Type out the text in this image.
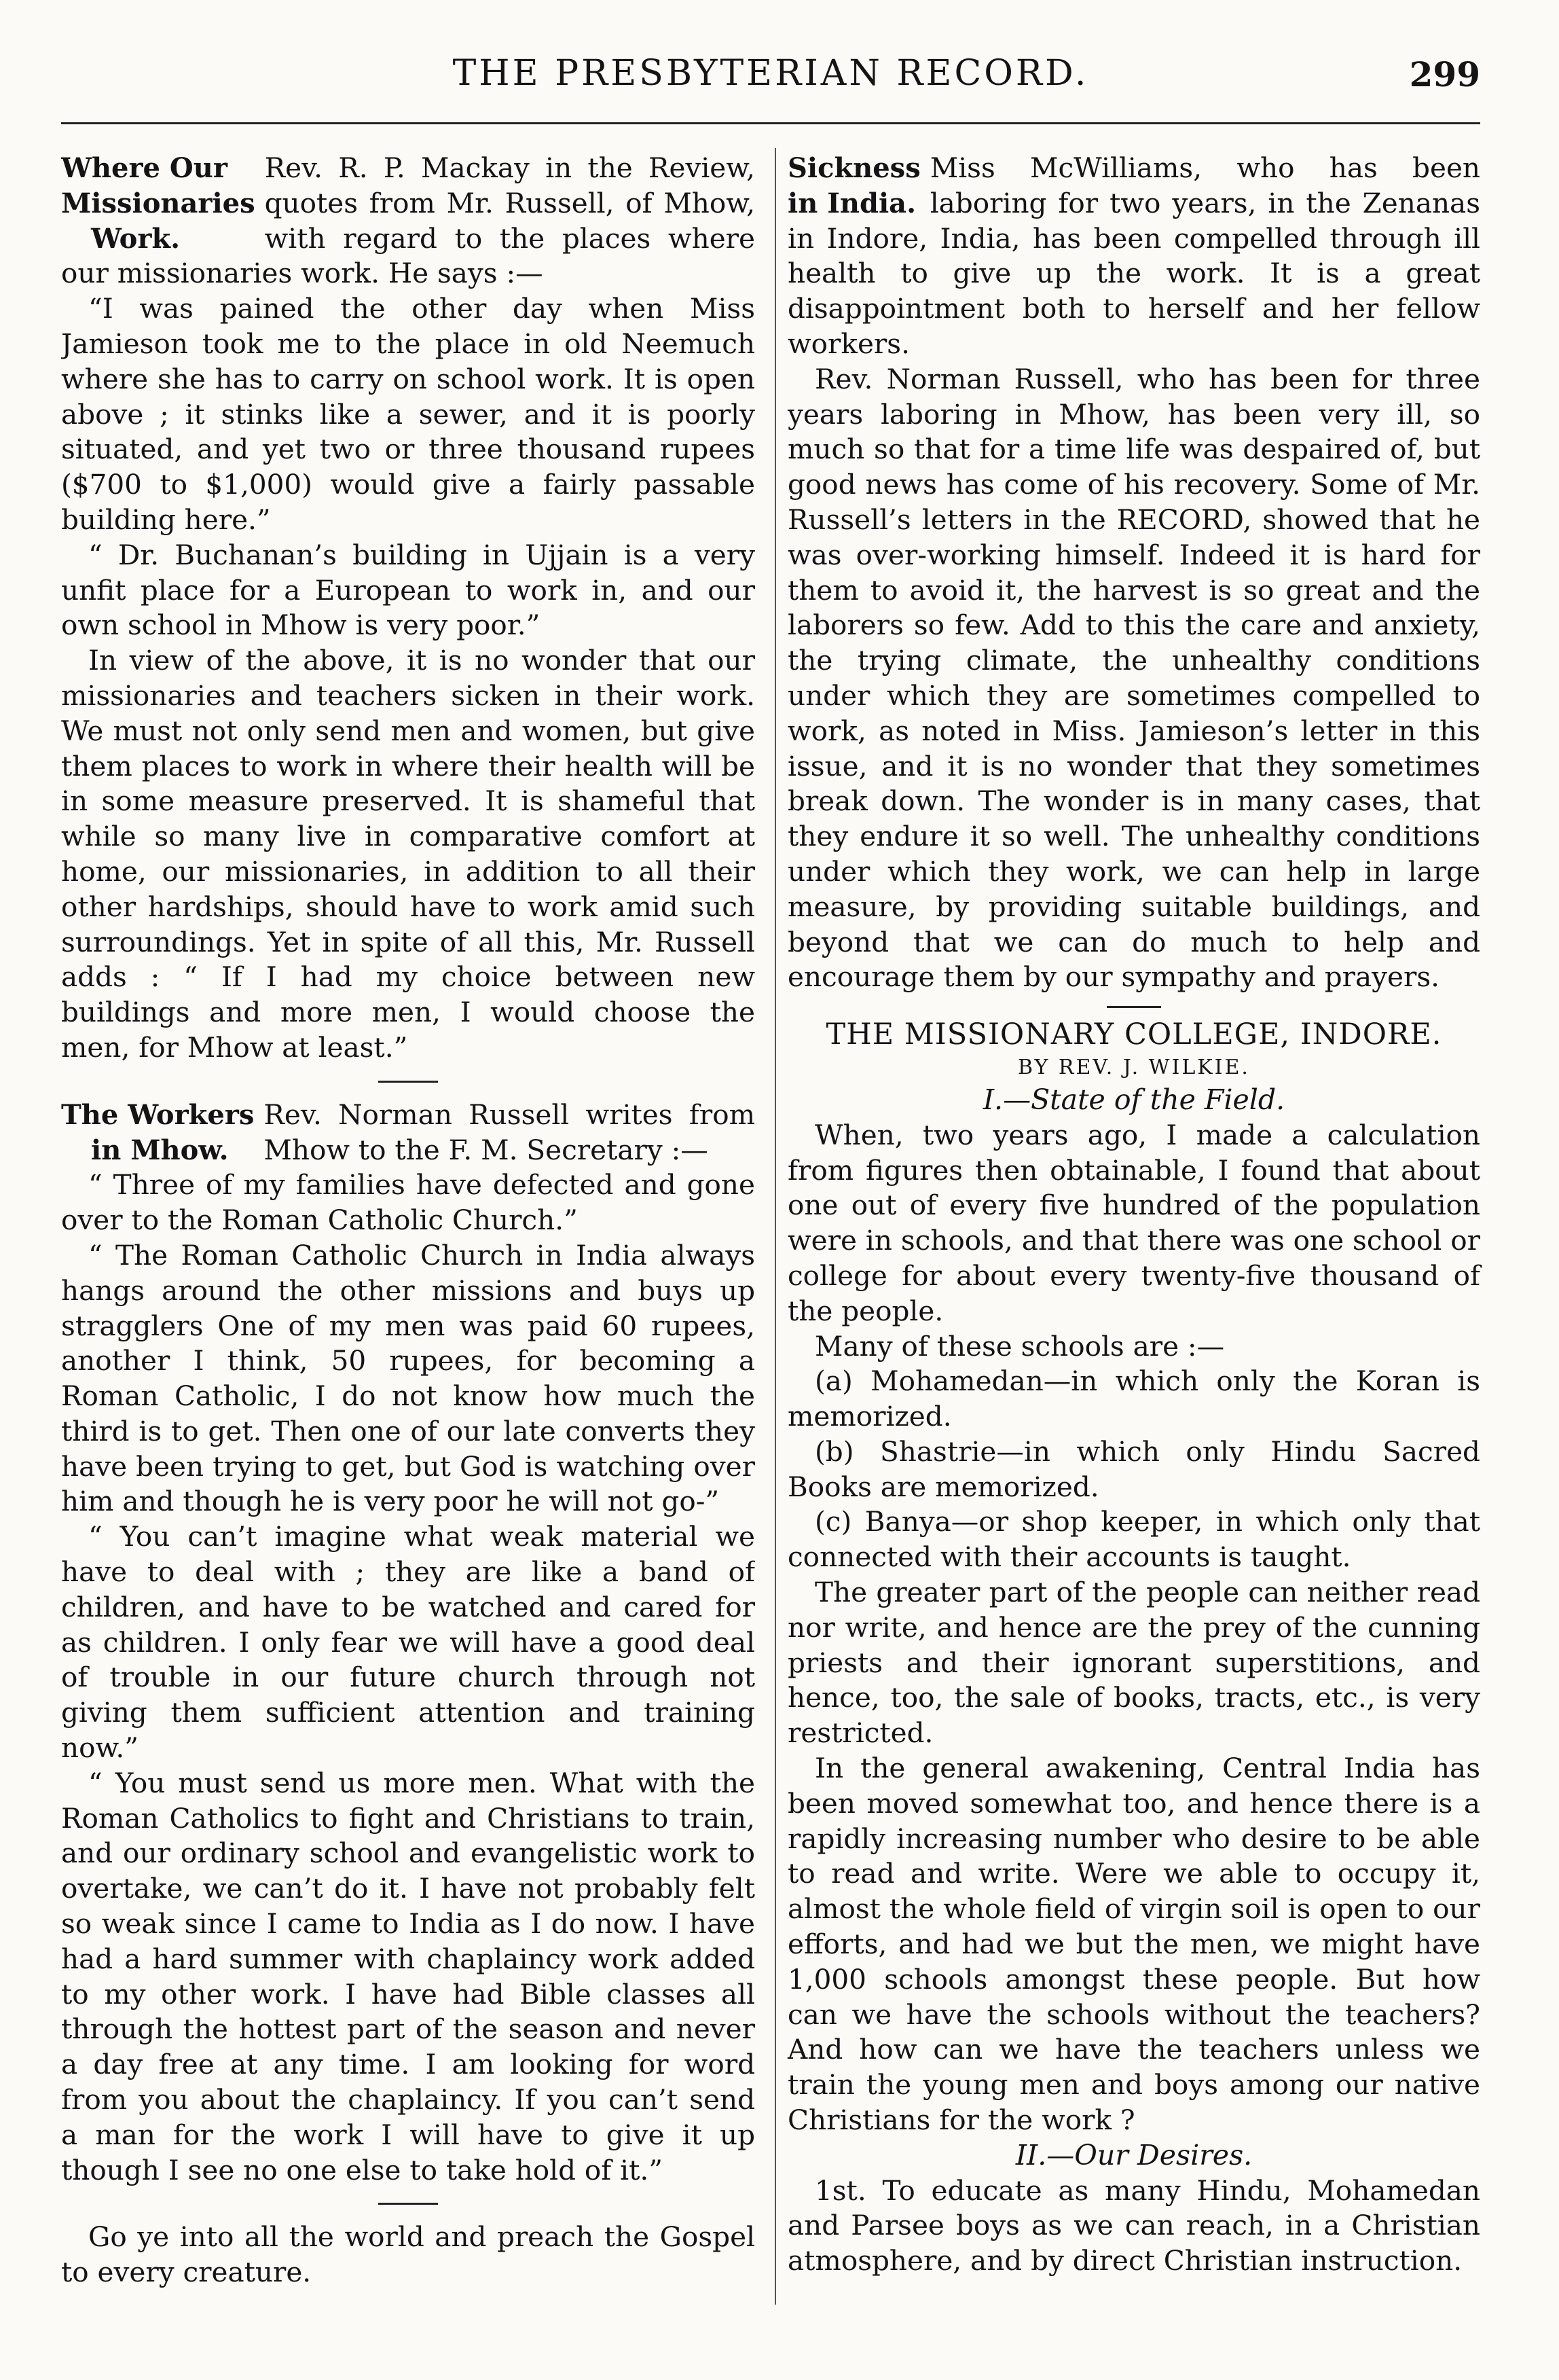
THE PRESBYTERIAN RECORD.	299
Where Our
Missionaries
Work.

Rev. R. P. Mackay in the Review, quotes from Mr. Russell, of Mhow, with regard to the places where our missionaries work. He says :—

“I was pained the other day when Miss Jamieson took me to the place in old Neemuch where she has to carry on school work. It is open above ; it stinks like a sewer, and it is poorly situated, and yet two or three thousand rupees ($700 to $1,000) would give a fairly passable building here.”

“ Dr. Buchanan’s building in Ujjain is a very unfit place for a European to work in, and our own school in Mhow is very poor.”

In view of the above, it is no wonder that our missionaries and teachers sicken in their work. We must not only send men and women, but give them places to work in where their health will be in some measure preserved. It is shameful that while so many live in comparative comfort at home, our missionaries, in addition to all their other hardships, should have to work amid such surroundings. Yet in spite of all this, Mr. Russell adds : “ If I had my choice between new buildings and more men, I would choose the men, for Mhow at least.”

The Workers
in Mhow.

Rev. Norman Russell writes from Mhow to the F. M. Secretary :—

“ Three of my families have defected and gone over to the Roman Catholic Church.”

“ The Roman Catholic Church in India always hangs around the other missions and buys up stragglers One of my men was paid 60 rupees, another I think, 50 rupees, for becoming a Roman Catholic, I do not know how much the third is to get. Then one of our late converts they have been trying to get, but God is watching over him and though he is very poor he will not go-”

“ You can’t imagine what weak material we have to deal with ; they are like a band of children, and have to be watched and cared for as children. I only fear we will have a good deal of trouble in our future church through not giving them sufficient attention and training now.”

“ You must send us more men. What with the Roman Catholics to fight and Christians to train, and our ordinary school and evangelistic work to overtake, we can’t do it. I have not probably felt so weak since I came to India as I do now. I have had a hard summer with chaplaincy work added to my other work. I have had Bible classes all through the hottest part of the season and never a day free at any time. I am looking for word from you about the chaplaincy. If you can’t send a man for the work I will have to give it up though I see no one else to take hold of it.”

Go ye into all the world and preach the Gospel to every creature.

Sickness
in India.

Miss McWilliams, who has been laboring for two years, in the Zenanas in Indore, India, has been compelled through ill health to give up the work. It is a great disappointment both to herself and her fellow workers.

Rev. Norman Russell, who has been for three years laboring in Mhow, has been very ill, so much so that for a time life was despaired of, but good news has come of his recovery. Some of Mr. Russell’s letters in the RECORD, showed that he was over-working himself. Indeed it is hard for them to avoid it, the harvest is so great and the laborers so few. Add to this the care and anxiety, the trying climate, the unhealthy conditions under which they are sometimes compelled to work, as noted in Miss. Jamieson’s letter in this issue, and it is no wonder that they sometimes break down. The wonder is in many cases, that they endure it so well. The unhealthy conditions under which they work, we can help in large measure, by providing suitable buildings, and beyond that we can do much to help and encourage them by our sympathy and prayers.

THE MISSIONARY COLLEGE, INDORE.
BY REV. J. WILKIE.
I.—State of the Field.

When, two years ago, I made a calculation from figures then obtainable, I found that about one out of every five hundred of the population were in schools, and that there was one school or college for about every twenty-five thousand of the people.

Many of these schools are :—

(a) Mohamedan—in which only the Koran is memorized.

(b) Shastrie—in which only Hindu Sacred Books are memorized.

(c) Banya—or shop keeper, in which only that connected with their accounts is taught.

The greater part of the people can neither read nor write, and hence are the prey of the cunning priests and their ignorant superstitions, and hence, too, the sale of books, tracts, etc., is very restricted.

In the general awakening, Central India has been moved somewhat too, and hence there is a rapidly increasing number who desire to be able to read and write. Were we able to occupy it, almost the whole field of virgin soil is open to our efforts, and had we but the men, we might have 1,000 schools amongst these people. But how can we have the schools without the teachers? And how can we have the teachers unless we train the young men and boys among our native Christians for the work ?

II.—Our Desires.

1st. To educate as many Hindu, Mohamedan and Parsee boys as we can reach, in a Christian atmosphere, and by direct Christian instruction.
